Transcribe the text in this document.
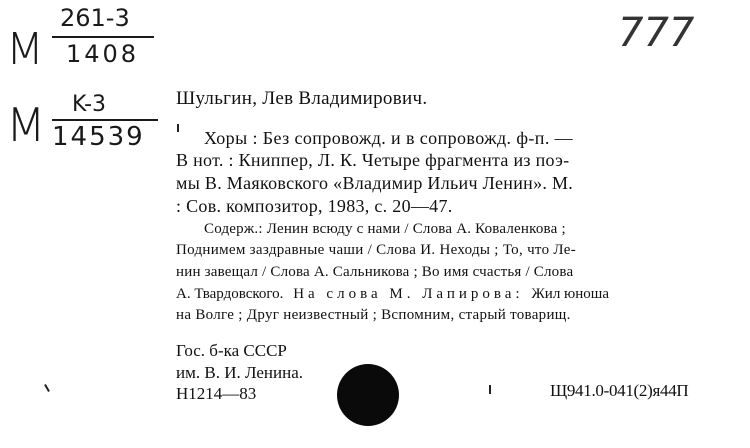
M
261-3
1408
M K-3
14539
777
Шульгин, Лев Владимирович.
Хоры : Без сопровожд. и в сопровожд. ф-п. —
В нот. : Книппер, Л. К. Четыре фрагмента из поэ-
мы В. Маяковского «Владимир Ильич Ленин». М.
: Сов. композитор, 1983, с. 20—47.
Содерж.: Ленин всюду с нами / Слова А. Коваленкова ;
Поднимем заздравные чаши / Слова И. Неходы ; То, что Ле-
нин завещал / Слова А. Сальникова ; Во имя счастья / Слова
А. Твардовского. На слова М. Лапирова: Жил юноша
на Волге ; Друг неизвестный ; Вспомним, старый товарищ.
Гос. б-ка СССР
им. В. И. Ленина.
Н1214—83	Щ941.0-041(2)я44П
